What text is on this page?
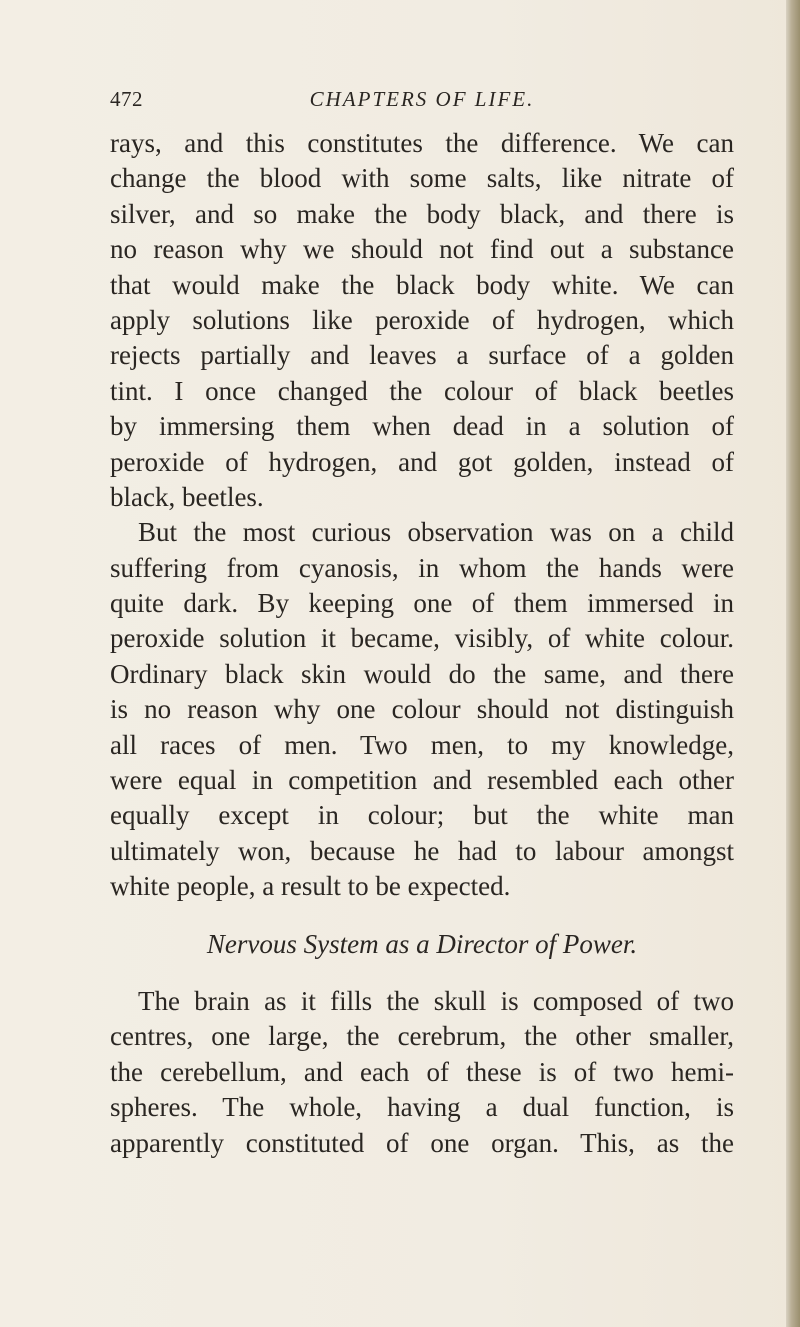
472	CHAPTERS OF LIFE.
rays, and this constitutes the difference. We can
change the blood with some salts, like nitrate of
silver, and so make the body black, and there is
no reason why we should not find out a substance
that would make the black body white. We can
apply solutions like peroxide of hydrogen, which
rejects partially and leaves a surface of a golden
tint. I once changed the colour of black beetles
by immersing them when dead in a solution of
peroxide of hydrogen, and got golden, instead of
black, beetles.
But the most curious observation was on a child
suffering from cyanosis, in whom the hands were
quite dark. By keeping one of them immersed in
peroxide solution it became, visibly, of white colour.
Ordinary black skin would do the same, and there
is no reason why one colour should not distinguish
all races of men. Two men, to my knowledge,
were equal in competition and resembled each other
equally except in colour; but the white man
ultimately won, because he had to labour amongst
white people, a result to be expected.
Nervous System as a Director of Power.
The brain as it fills the skull is composed of two
centres, one large, the cerebrum, the other smaller,
the cerebellum, and each of these is of two hemi-
spheres. The whole, having a dual function, is
apparently constituted of one organ. This, as the
